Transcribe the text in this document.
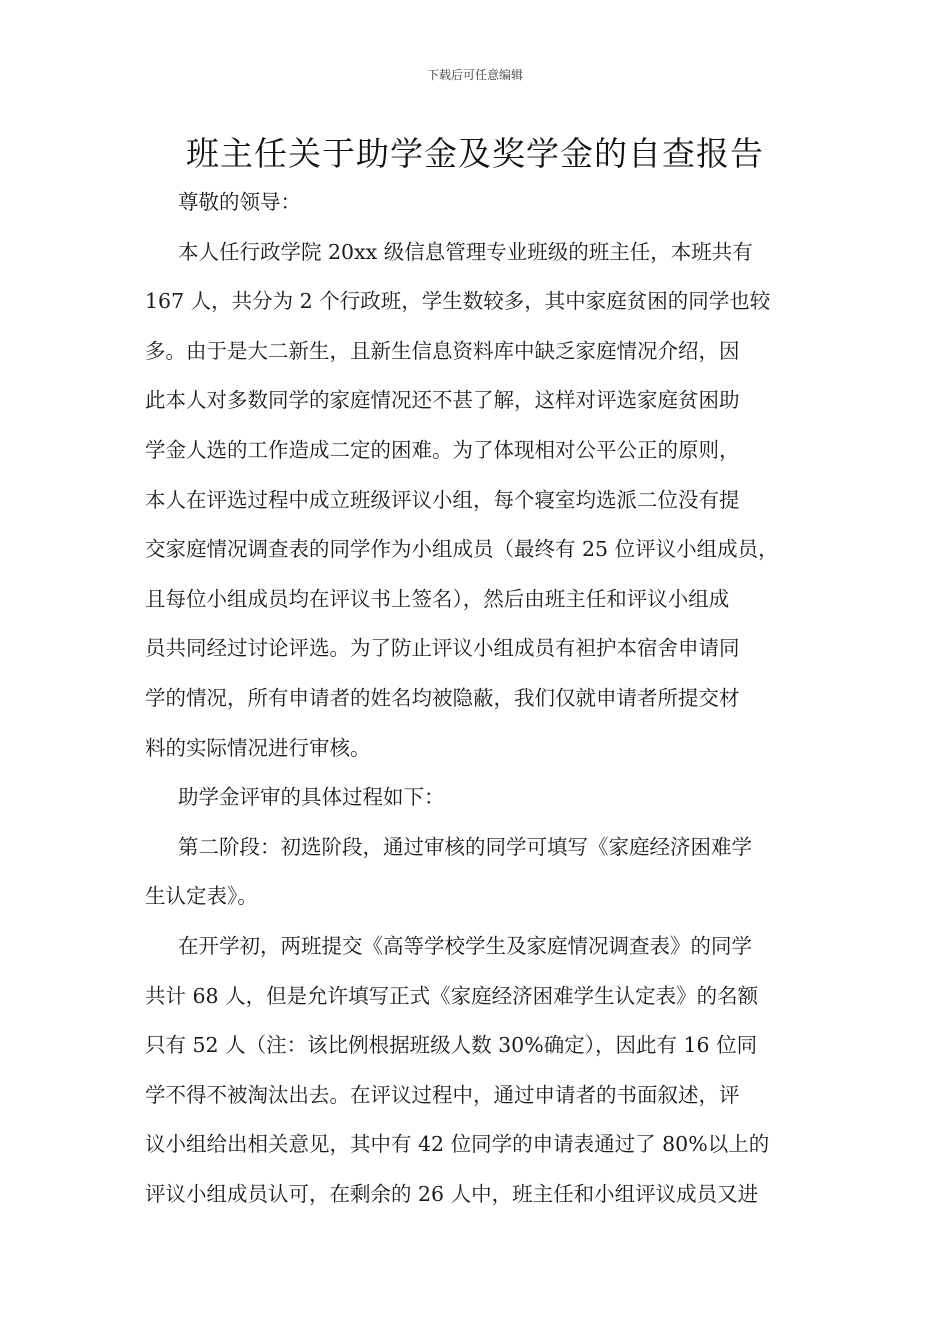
下载后可任意编辑
班主任关于助学金及奖学金的自查报告
尊敬的领导：
本人任行政学院 20xx 级信息管理专业班级的班主任，本班共有
167 人，共分为 2 个行政班，学生数较多，其中家庭贫困的同学也较
多。由于是大二新生，且新生信息资料库中缺乏家庭情况介绍，因
此本人对多数同学的家庭情况还不甚了解，这样对评选家庭贫困助
学金人选的工作造成二定的困难。为了体现相对公平公正的原则，
本人在评选过程中成立班级评议小组，每个寝室均选派二位没有提
交家庭情况调查表的同学作为小组成员（最终有 25 位评议小组成员，
且每位小组成员均在评议书上签名），然后由班主任和评议小组成
员共同经过讨论评选。为了防止评议小组成员有袒护本宿舍申请同
学的情况，所有申请者的姓名均被隐蔽，我们仅就申请者所提交材
料的实际情况进行审核。
助学金评审的具体过程如下：
第二阶段：初选阶段，通过审核的同学可填写《家庭经济困难学
生认定表》。
在开学初，两班提交《高等学校学生及家庭情况调查表》的同学
共计 68 人，但是允许填写正式《家庭经济困难学生认定表》的名额
只有 52 人（注：该比例根据班级人数 30%确定），因此有 16 位同
学不得不被淘汰出去。在评议过程中，通过申请者的书面叙述，评
议小组给出相关意见，其中有 42 位同学的申请表通过了 80%以上的
评议小组成员认可，在剩余的 26 人中，班主任和小组评议成员又进
